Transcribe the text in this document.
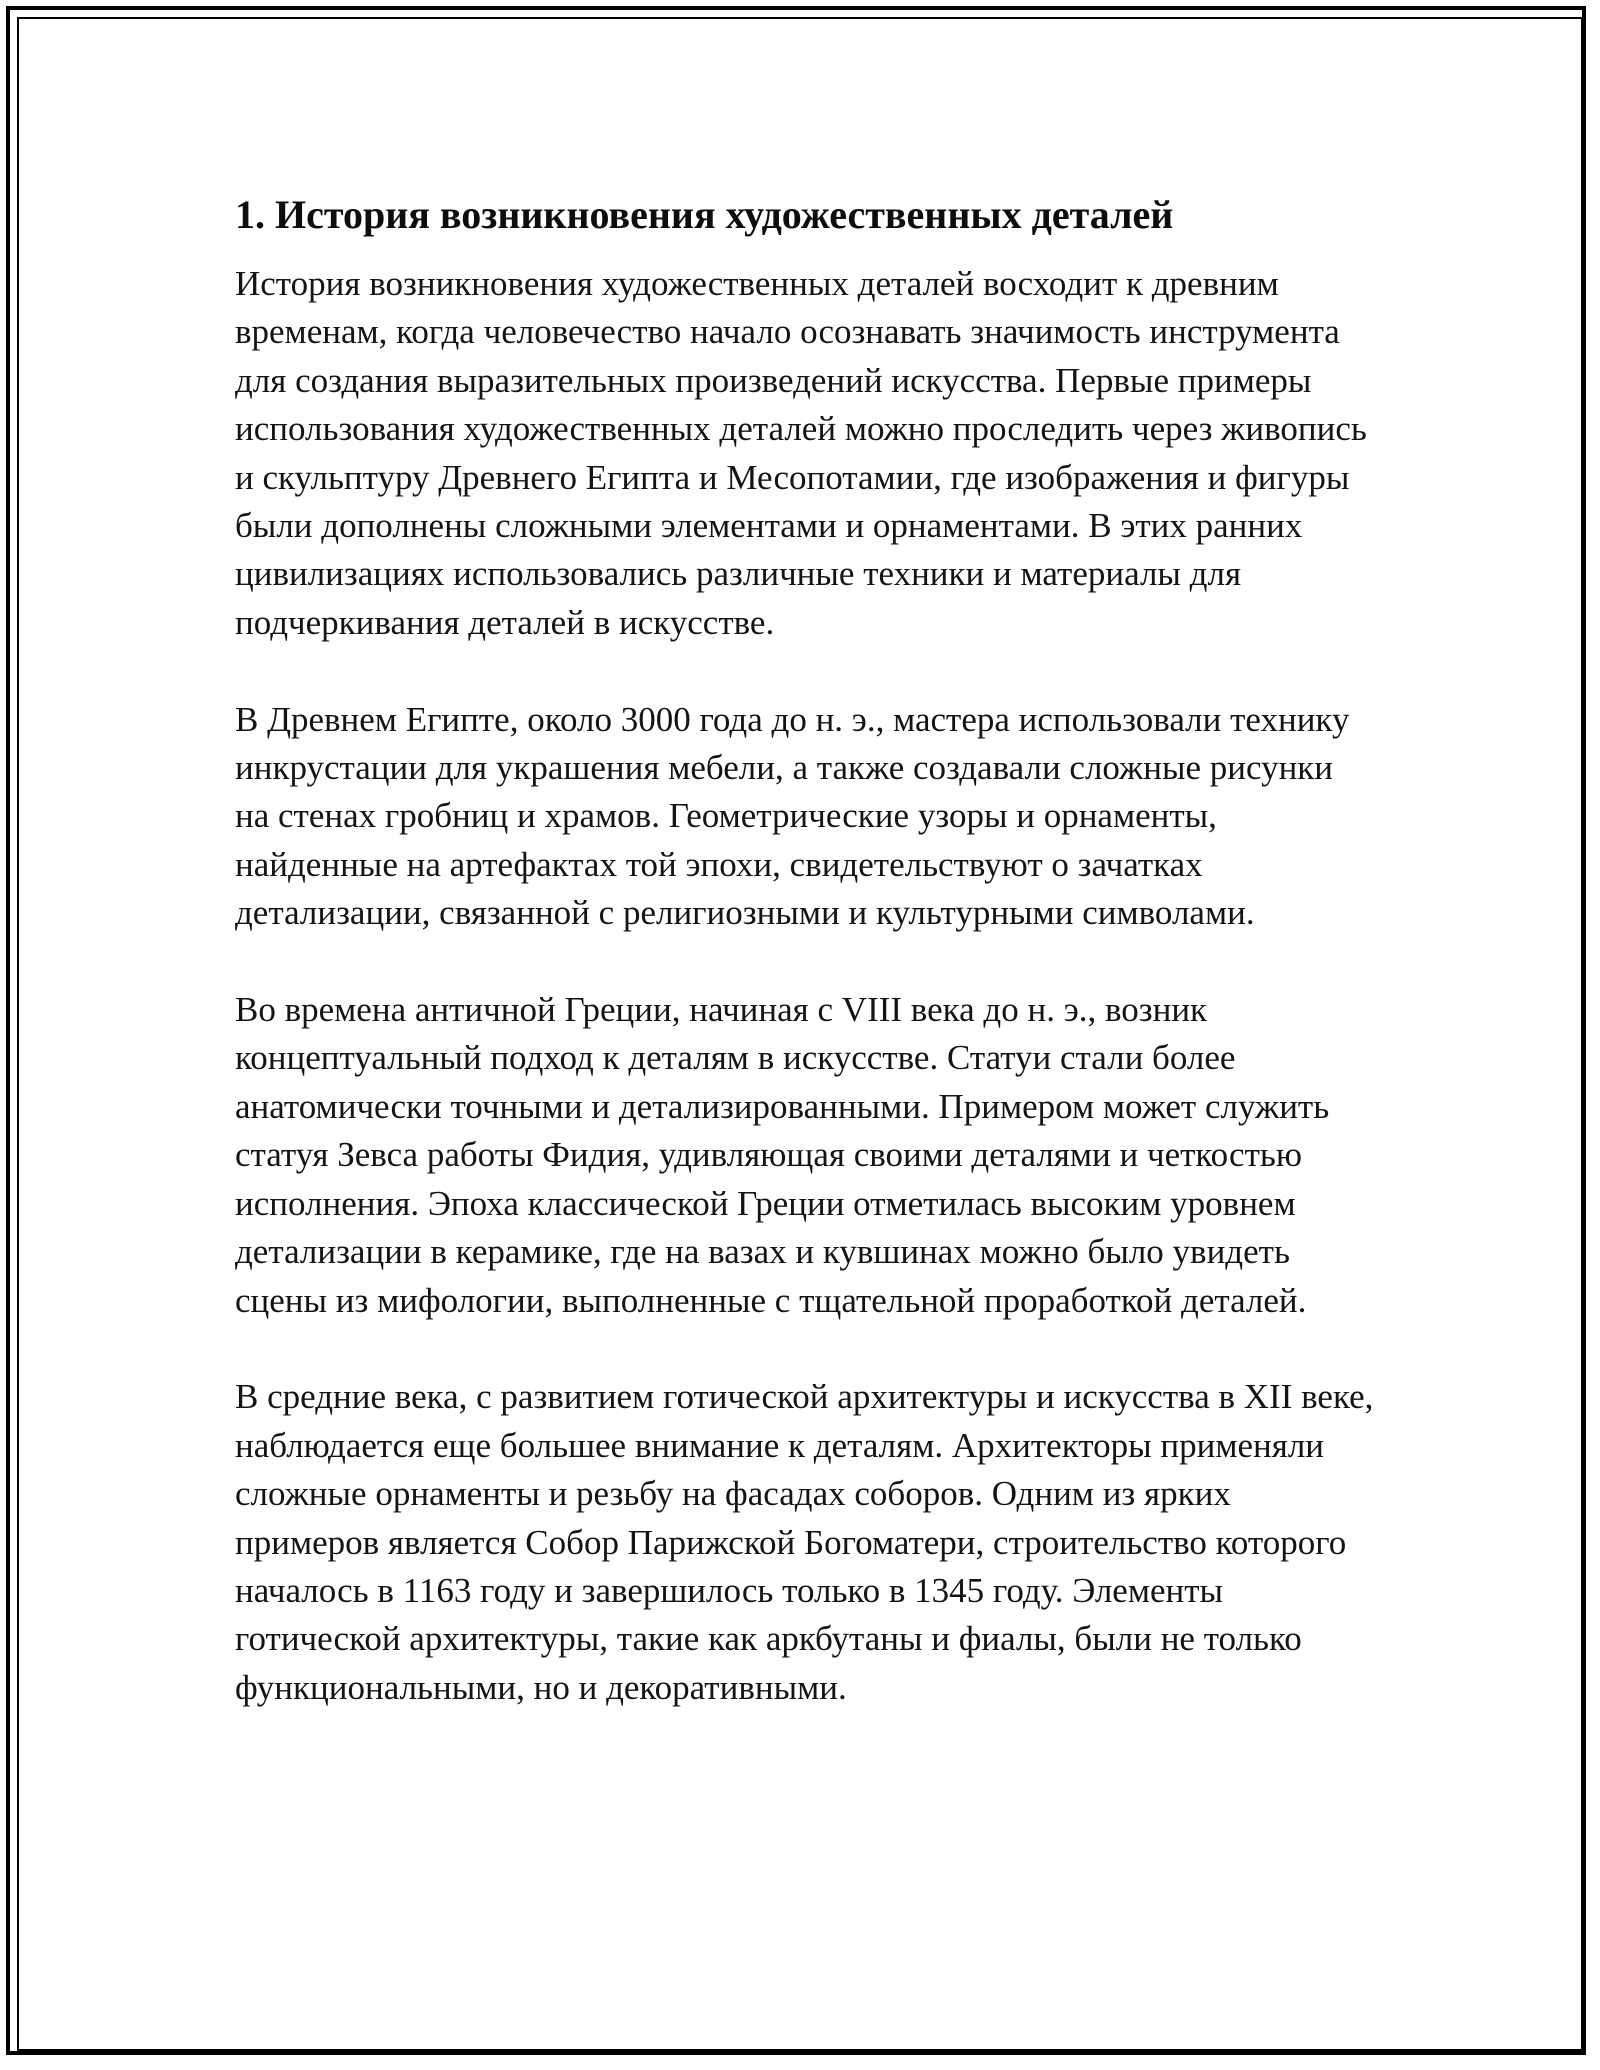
1. История возникновения художественных деталей

История возникновения художественных деталей восходит к древним временам, когда человечество начало осознавать значимость инструмента для создания выразительных произведений искусства. Первые примеры использования художественных деталей можно проследить через живопись и скульптуру Древнего Египта и Месопотамии, где изображения и фигуры были дополнены сложными элементами и орнаментами. В этих ранних цивилизациях использовались различные техники и материалы для подчеркивания деталей в искусстве.

В Древнем Египте, около 3000 года до н. э., мастера использовали технику инкрустации для украшения мебели, а также создавали сложные рисунки на стенах гробниц и храмов. Геометрические узоры и орнаменты, найденные на артефактах той эпохи, свидетельствуют о зачатках детализации, связанной с религиозными и культурными символами.

Во времена античной Греции, начиная с VIII века до н. э., возник концептуальный подход к деталям в искусстве. Статуи стали более анатомически точными и детализированными. Примером может служить статуя Зевса работы Фидия, удивляющая своими деталями и четкостью исполнения. Эпоха классической Греции отметилась высоким уровнем детализации в керамике, где на вазах и кувшинах можно было увидеть сцены из мифологии, выполненные с тщательной проработкой деталей.

В средние века, с развитием готической архитектуры и искусства в XII веке, наблюдается еще большее внимание к деталям. Архитекторы применяли сложные орнаменты и резьбу на фасадах соборов. Одним из ярких примеров является Собор Парижской Богоматери, строительство которого началось в 1163 году и завершилось только в 1345 году. Элементы готической архитектуры, такие как аркбутаны и фиалы, были не только функциональными, но и декоративными.
